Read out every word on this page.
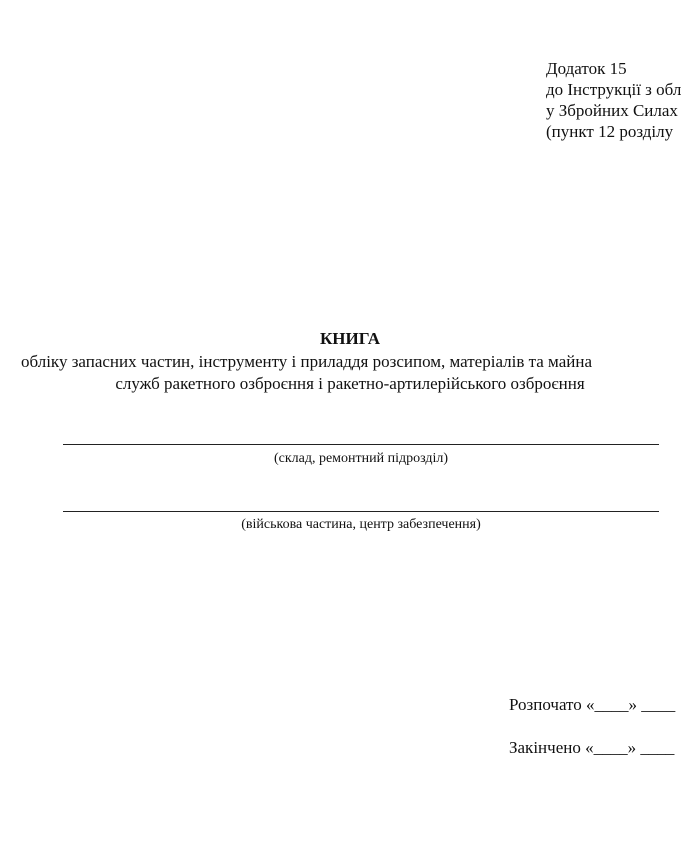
Додаток 15
до Інструкції з обл
у Збройних Силах
(пункт 12 розділу
КНИГА
обліку запасних частин, інструменту і приладдя розсипом, матеріалів та майна
служб ракетного озброєння і ракетно-артилерійського озброєння
(склад, ремонтний підрозділ)
(військова частина, центр забезпечення)
Розпочато «____» ____
Закінчено «____» ____
